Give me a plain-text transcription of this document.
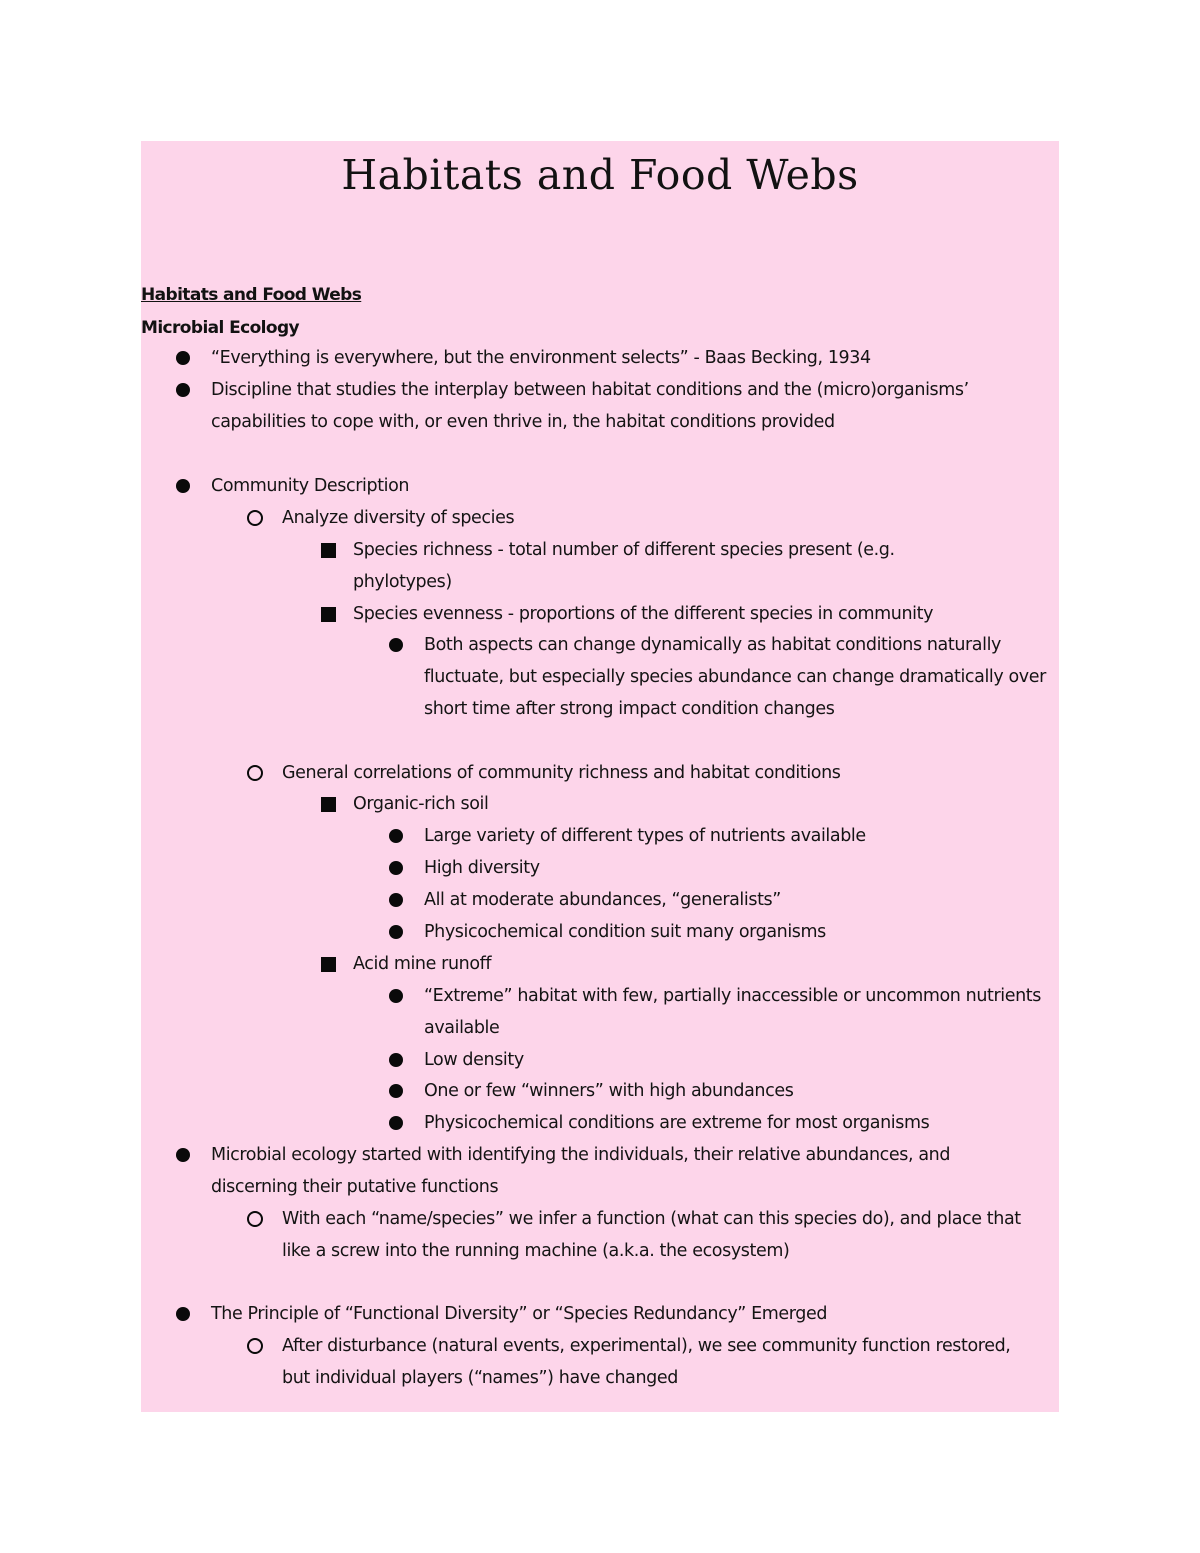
Habitats and Food Webs
Habitats and Food Webs
Microbial Ecology
“Everything is everywhere, but the environment selects” - Baas Becking, 1934
Discipline that studies the interplay between habitat conditions and the (micro)organisms’ capabilities to cope with, or even thrive in, the habitat conditions provided
Community Description
Analyze diversity of species
Species richness - total number of different species present (e.g. phylotypes)
Species evenness - proportions of the different species in community
Both aspects can change dynamically as habitat conditions naturally fluctuate, but especially species abundance can change dramatically over short time after strong impact condition changes
General correlations of community richness and habitat conditions
Organic-rich soil
Large variety of different types of nutrients available
High diversity
All at moderate abundances, “generalists”
Physicochemical condition suit many organisms
Acid mine runoff
“Extreme” habitat with few, partially inaccessible or uncommon nutrients available
Low density
One or few “winners” with high abundances
Physicochemical conditions are extreme for most organisms
Microbial ecology started with identifying the individuals, their relative abundances, and discerning their putative functions
With each “name/species” we infer a function (what can this species do), and place that like a screw into the running machine (a.k.a. the ecosystem)
The Principle of “Functional Diversity” or “Species Redundancy” Emerged
After disturbance (natural events, experimental), we see community function restored, but individual players (“names”) have changed
